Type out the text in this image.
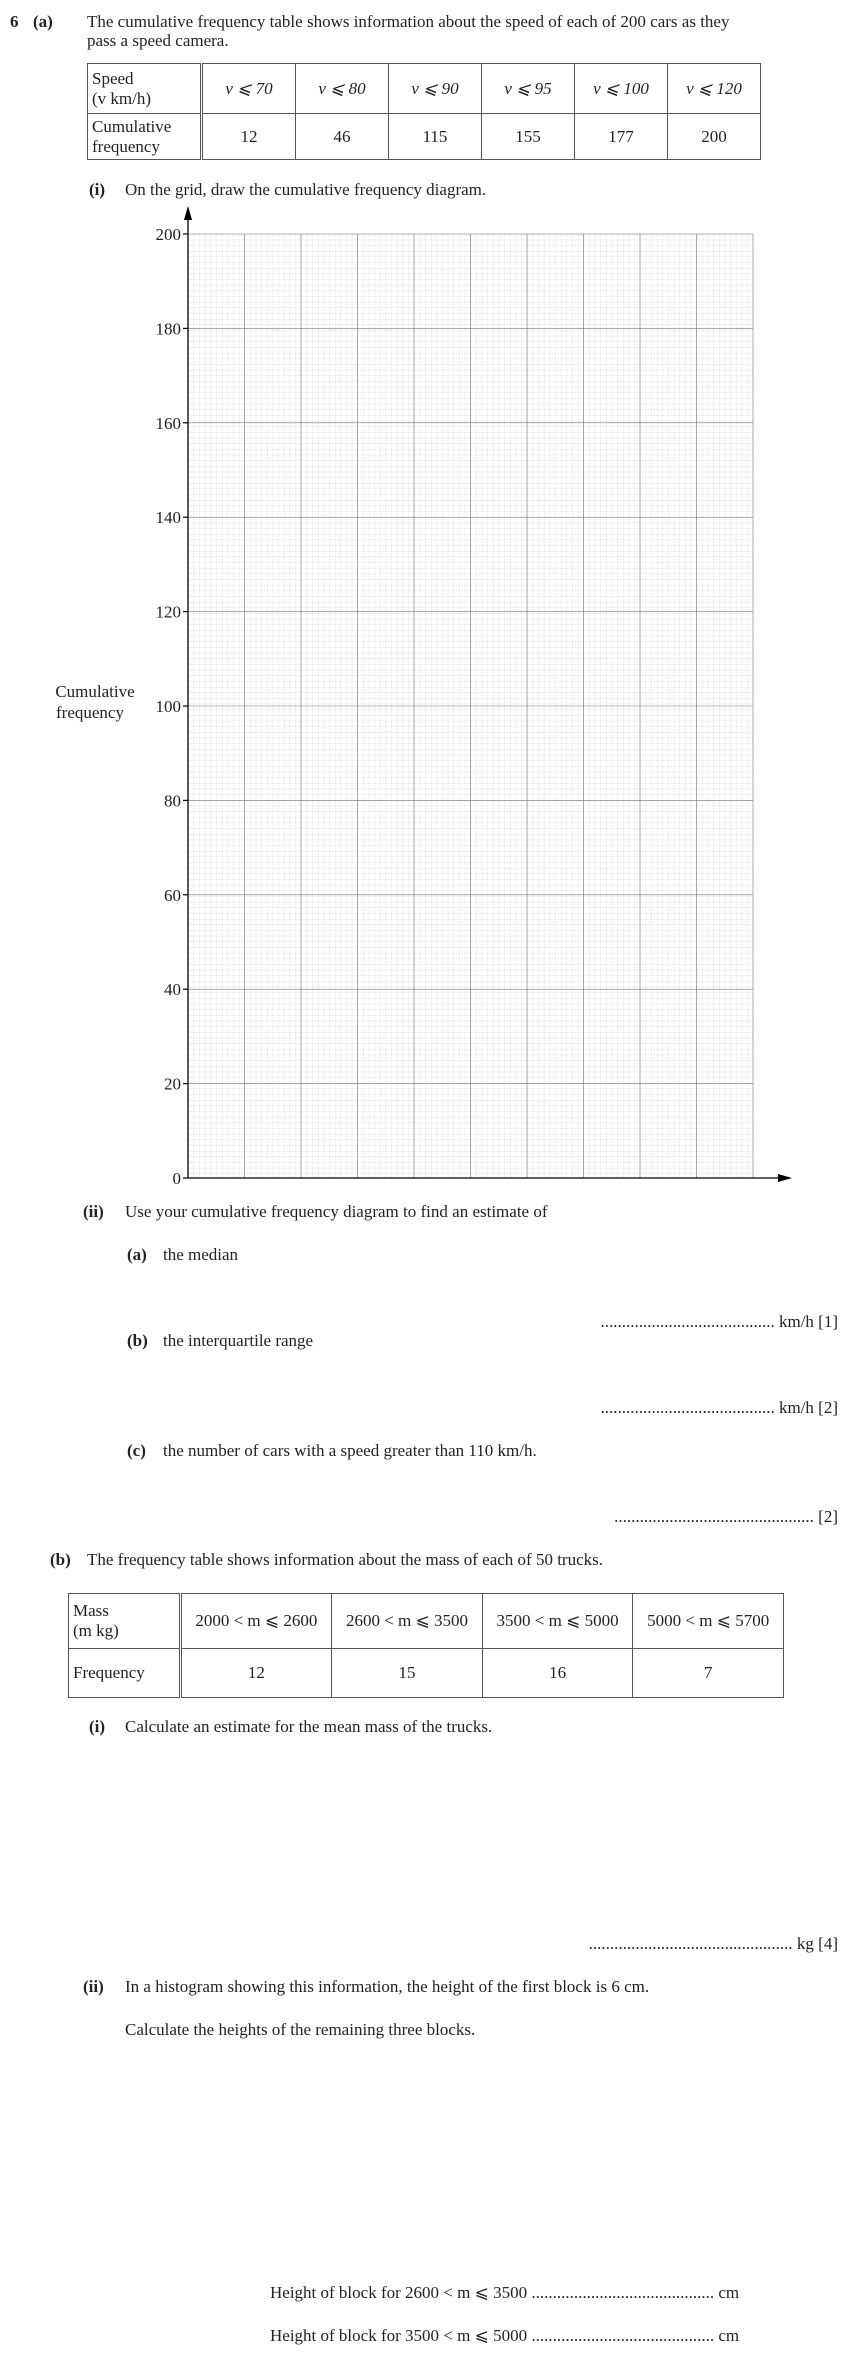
6 (a) The cumulative frequency table shows information about the speed of each of 200 cars as they
pass a speed camera.
Speed
(v km/h)	v ⩽ 70	v ⩽ 80	v ⩽ 90	v ⩽ 95	v ⩽ 100	v ⩽ 120
Cumulative
frequency	12	46	115	155	177	200
(i) On the grid, draw the cumulative frequency diagram.
200
180
160
140
120
100
80
60
40
20
0
Cumulative
frequency
(ii) Use your cumulative frequency diagram to find an estimate of
(a) the median
......................................... km/h [1]
(b) the interquartile range
......................................... km/h [2]
(c) the number of cars with a speed greater than 110 km/h.
............................................... [2]
(b) The frequency table shows information about the mass of each of 50 trucks.
Mass
(m kg)	2000 < m ⩽ 2600	2600 < m ⩽ 3500	3500 < m ⩽ 5000	5000 < m ⩽ 5700
Frequency	12	15	16	7
(i) Calculate an estimate for the mean mass of the trucks.
................................................ kg [4]
(ii) In a histogram showing this information, the height of the first block is 6 cm.
Calculate the heights of the remaining three blocks.
Height of block for 2600 < m ⩽ 3500 ........................................... cm
Height of block for 3500 < m ⩽ 5000 ........................................... cm
